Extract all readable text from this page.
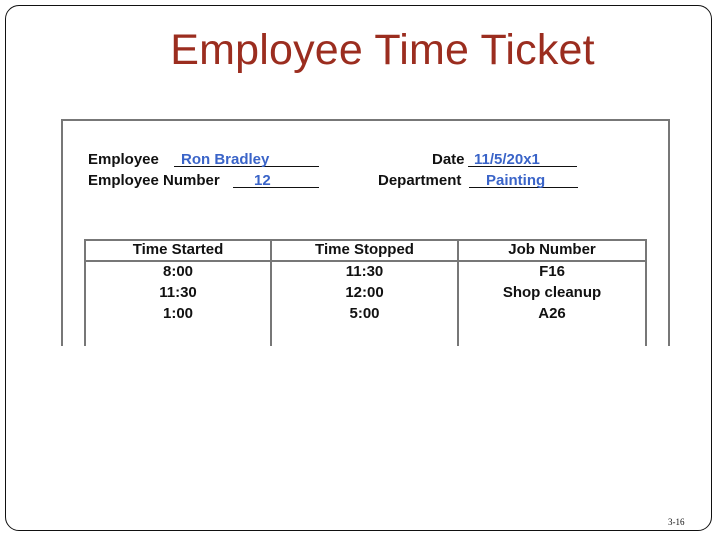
Employee Time Ticket
Employee Ron Bradley	Date 11/5/20x1
Employee Number 12	Department Painting
Time Started	Time Stopped	Job Number
8:00	11:30	F16
11:30	12:00	Shop cleanup
1:00	5:00	A26
3-16
